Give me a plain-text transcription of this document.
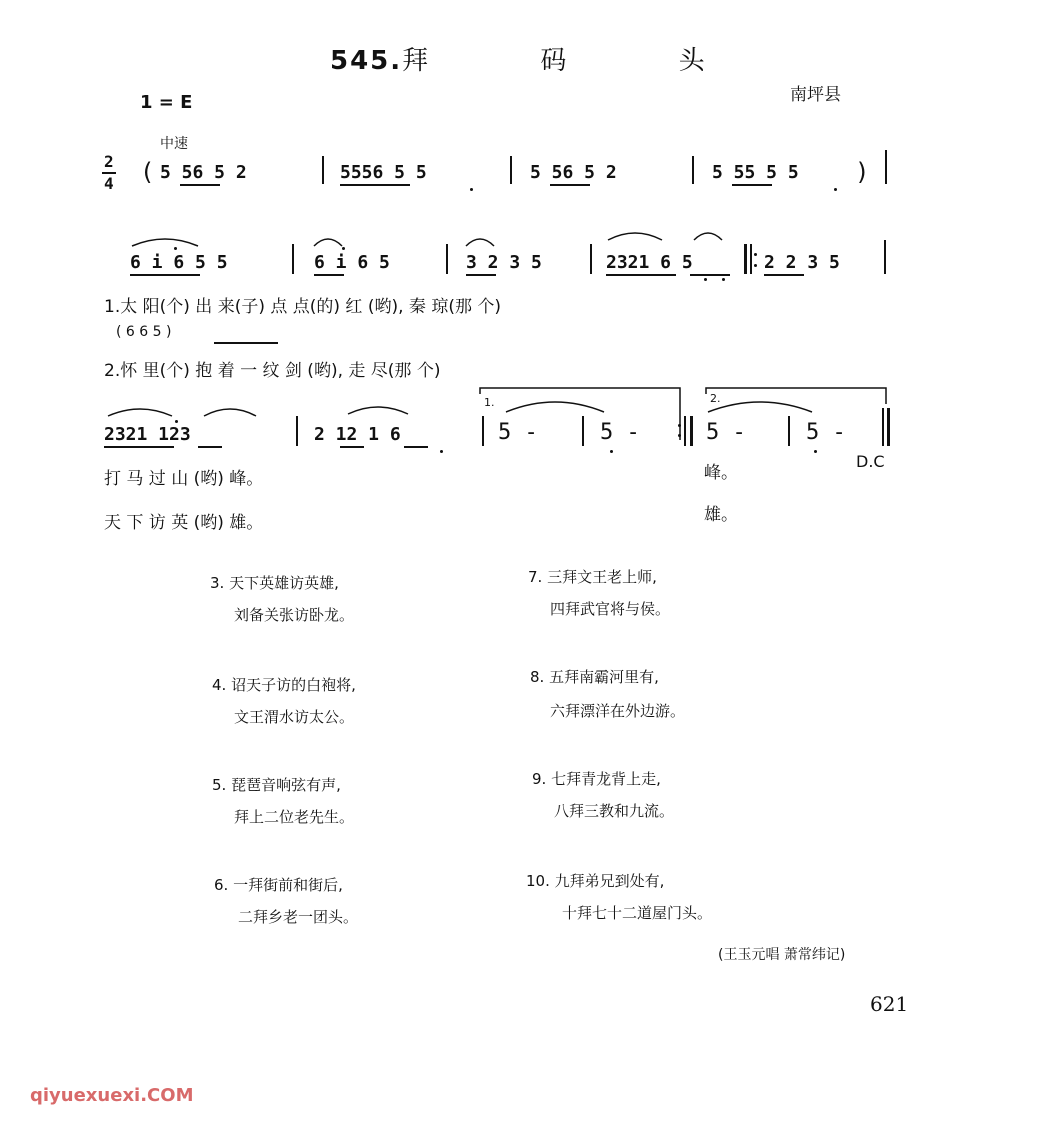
545.拜 码 头
1 = E	南坪县
中速
2
4 ( 5 56 5 2	5556 5 5	5 56 5 2	5 55 5 5 )
6 i 6 5 5	6 i 6 5	3 2 3 5	2321 6 5	2 2 3 5
1.太 阳(个) 出 来(子) 点 点(的) 红 (哟), 秦 琼(那 个)
( 6 6 5 )
2.怀 里(个) 抱 着 一 纹 剑 (哟), 走 尽(那 个)
2321 123	2 12 1 6	5 -	5 -	5 -	5 -
1.	2.
D.C
打 马 过 山 (哟) 峰。	峰。
天 下 访 英 (哟) 雄。	雄。
3. 天下英雄访英雄,
刘备关张访卧龙。
4. 诏天子访的白袍将,
文王渭水访太公。
5. 琵琶音响弦有声,
拜上二位老先生。
6. 一拜街前和街后,
二拜乡老一团头。
7. 三拜文王老上师,
四拜武官将与侯。
8. 五拜南霸河里有,
六拜漂洋在外边游。
9. 七拜青龙背上走,
八拜三教和九流。
10. 九拜弟兄到处有,
十拜七十二道屋门头。
(王玉元唱 萧常纬记)
621
qiyuexuexi.COM
